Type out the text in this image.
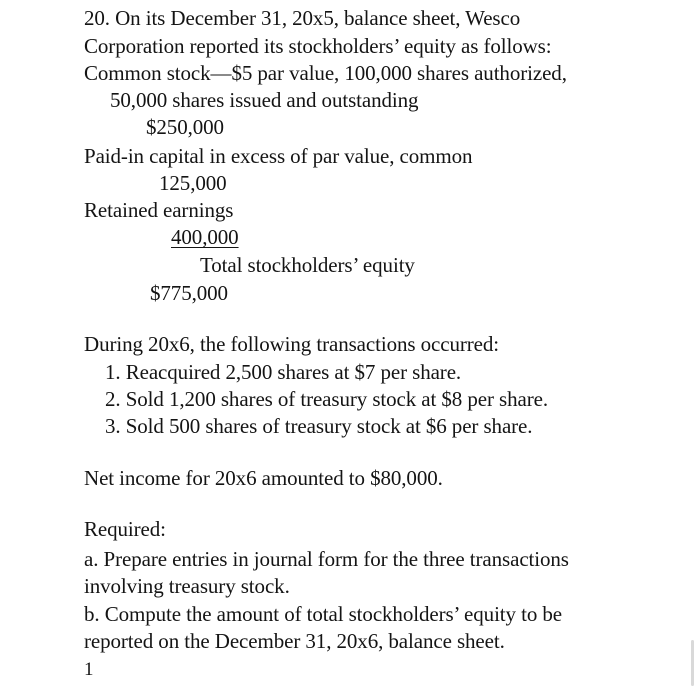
20. On its December 31, 20x5, balance sheet, Wesco
Corporation reported its stockholders’ equity as follows:
Common stock—$5 par value, 100,000 shares authorized,
50,000 shares issued and outstanding
$250,000
Paid-in capital in excess of par value, common
125,000
Retained earnings
400,000
Total stockholders’ equity
$775,000
During 20x6, the following transactions occurred:
1. Reacquired 2,500 shares at $7 per share.
2. Sold 1,200 shares of treasury stock at $8 per share.
3. Sold 500 shares of treasury stock at $6 per share.
Net income for 20x6 amounted to $80,000.
Required:
a. Prepare entries in journal form for the three transactions
involving treasury stock.
b. Compute the amount of total stockholders’ equity to be
reported on the December 31, 20x6, balance sheet.
1
